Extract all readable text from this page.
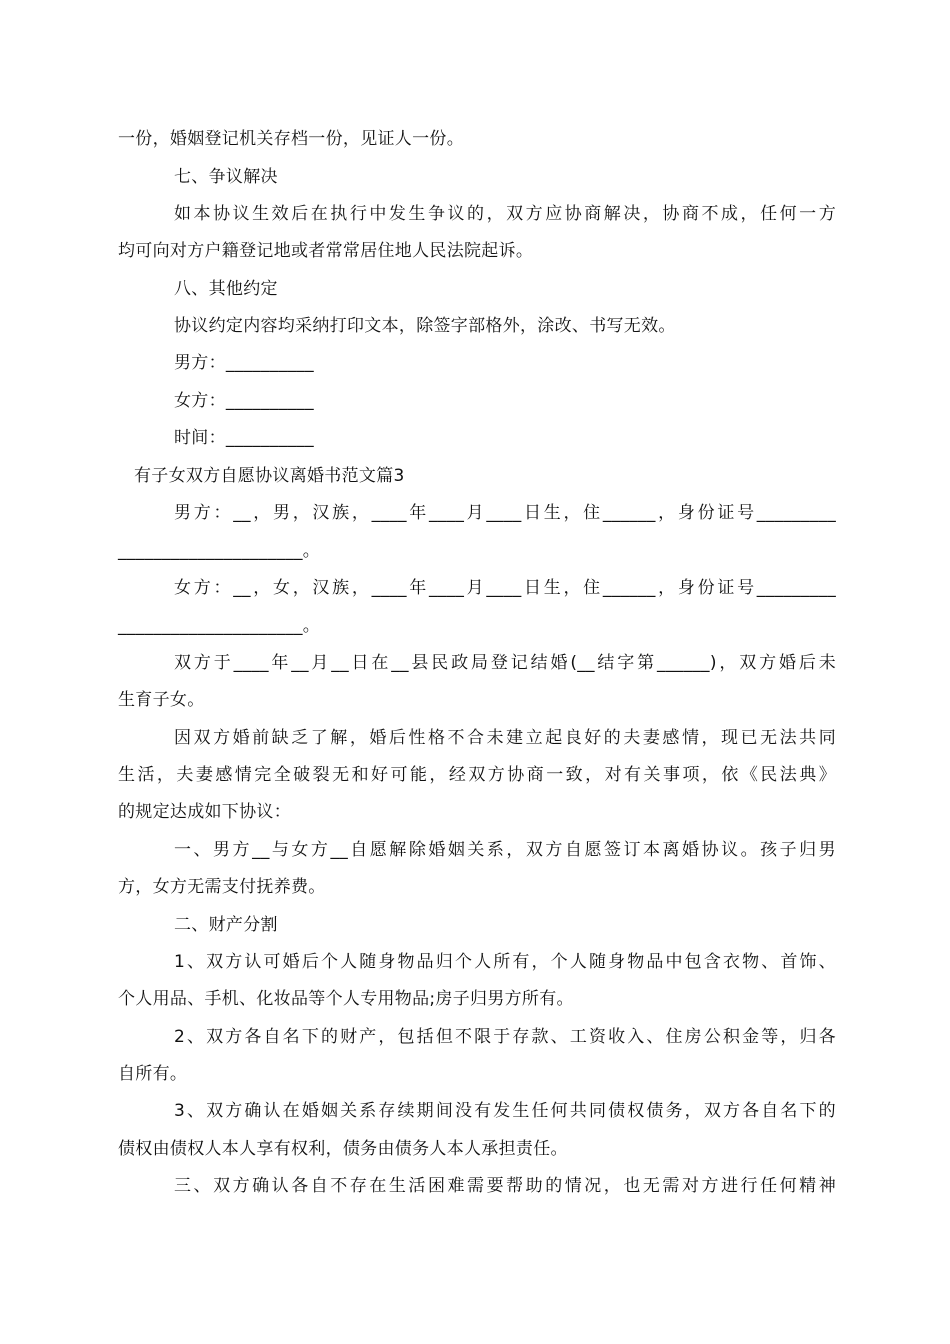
一份，婚姻登记机关存档一份，见证人一份。
七、争议解决
如本协议生效后在执行中发生争议的，双方应协商解决，协商不成，任何一方
均可向对方户籍登记地或者常常居住地人民法院起诉。
八、其他约定
协议约定内容均采纳打印文本，除签字部格外，涂改、书写无效。
男方：__________
女方：__________
时间：__________
有子女双方自愿协议离婚书范文篇3
男方：__，男，汉族，____年____月____日生，住______，身份证号_________
_____________________。
女方：__，女，汉族，____年____月____日生，住______，身份证号_________
_____________________。
双方于____年__月__日在__县民政局登记结婚(__结字第______)，双方婚后未
生育子女。
因双方婚前缺乏了解，婚后性格不合未建立起良好的夫妻感情，现已无法共同
生活，夫妻感情完全破裂无和好可能，经双方协商一致，对有关事项，依《民法典》
的规定达成如下协议：
一、男方__与女方__自愿解除婚姻关系，双方自愿签订本离婚协议。孩子归男
方，女方无需支付抚养费。
二、财产分割
1、双方认可婚后个人随身物品归个人所有，个人随身物品中包含衣物、首饰、
个人用品、手机、化妆品等个人专用物品;房子归男方所有。
2、双方各自名下的财产，包括但不限于存款、工资收入、住房公积金等，归各
自所有。
3、双方确认在婚姻关系存续期间没有发生任何共同债权债务，双方各自名下的
债权由债权人本人享有权利，债务由债务人本人承担责任。
三、双方确认各自不存在生活困难需要帮助的情况，也无需对方进行任何精神
